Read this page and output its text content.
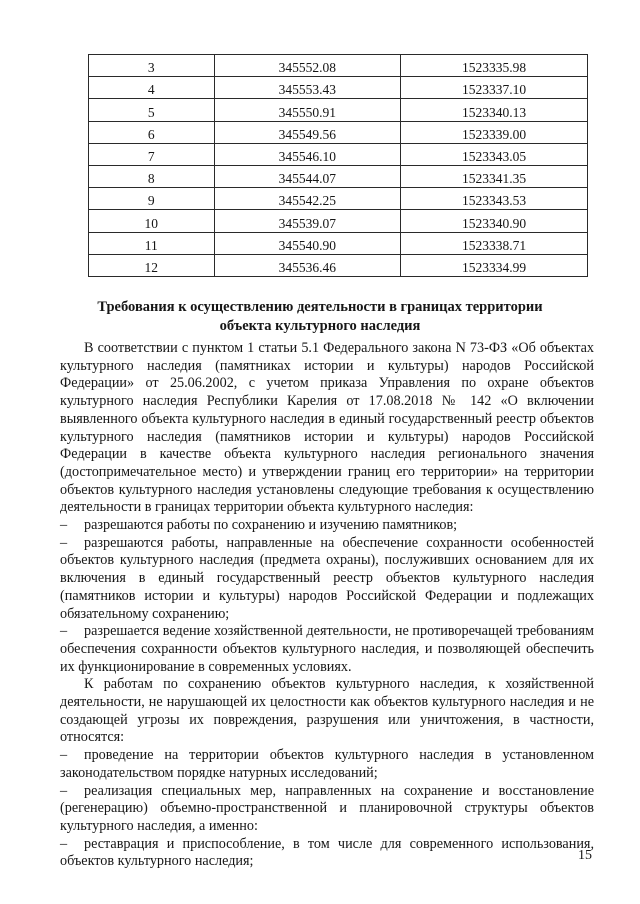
3	345552.08	1523335.98
4	345553.43	1523337.10
5	345550.91	1523340.13
6	345549.56	1523339.00
7	345546.10	1523343.05
8	345544.07	1523341.35
9	345542.25	1523343.53
10	345539.07	1523340.90
11	345540.90	1523338.71
12	345536.46	1523334.99
Требования к осуществлению деятельности в границах территории
объекта культурного наследия

В соответствии с пунктом 1 статьи 5.1 Федерального закона N 73-ФЗ «Об объектах культурного наследия (памятниках истории и культуры) народов Российской Федерации» от 25.06.2002, с учетом приказа Управления по охране объектов культурного наследия Республики Карелия от 17.08.2018 № 142 «О включении выявленного объекта культурного наследия в единый государственный реестр объектов культурного наследия (памятников истории и культуры) народов Российской Федерации в качестве объекта культурного наследия регионального значения (достопримечательное место) и утверждении границ его территории» на территории объектов культурного наследия установлены следующие требования к осуществлению деятельности в границах территории объекта культурного наследия:

– разрешаются работы по сохранению и изучению памятников;

– разрешаются работы, направленные на обеспечение сохранности особенностей объектов культурного наследия (предмета охраны), послуживших основанием для их включения в единый государственный реестр объектов культурного наследия (памятников истории и культуры) народов Российской Федерации и подлежащих обязательному сохранению;

– разрешается ведение хозяйственной деятельности, не противоречащей требованиям обеспечения сохранности объектов культурного наследия, и позволяющей обеспечить их функционирование в современных условиях.

К работам по сохранению объектов культурного наследия, к хозяйственной деятельности, не нарушающей их целостности как объектов культурного наследия и не создающей угрозы их повреждения, разрушения или уничтожения, в частности, относятся:

– проведение на территории объектов культурного наследия в установленном законодательством порядке натурных исследований;

– реализация специальных мер, направленных на сохранение и восстановление (регенерацию) объемно-пространственной и планировочной структуры объектов культурного наследия, а именно:

– реставрация и приспособление, в том числе для современного использования, объектов культурного наследия;	15
